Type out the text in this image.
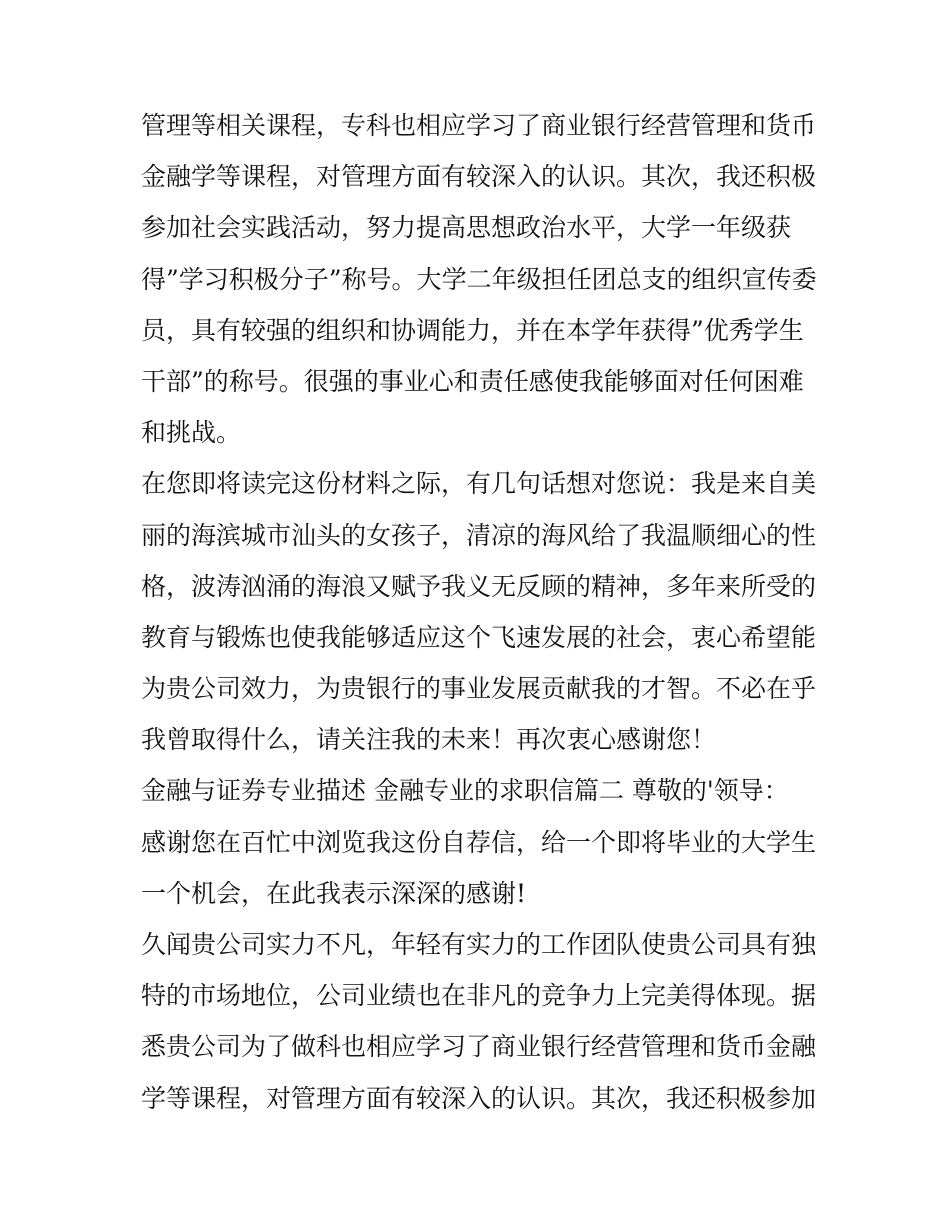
管理等相关课程，专科也相应学习了商业银行经营管理和货币
金融学等课程，对管理方面有较深入的认识。其次，我还积极
参加社会实践活动，努力提高思想政治水平，大学一年级获
得”学习积极分子”称号。大学二年级担任团总支的组织宣传委
员，具有较强的组织和协调能力，并在本学年获得”优秀学生
干部”的称号。很强的事业心和责任感使我能够面对任何困难
和挑战。
在您即将读完这份材料之际，有几句话想对您说：我是来自美
丽的海滨城市汕头的女孩子，清凉的海风给了我温顺细心的性
格，波涛汹涌的海浪又赋予我义无反顾的精神，多年来所受的
教育与锻炼也使我能够适应这个飞速发展的社会，衷心希望能
为贵公司效力，为贵银行的事业发展贡献我的才智。不必在乎
我曾取得什么，请关注我的未来！再次衷心感谢您！
金融与证券专业描述 金融专业的求职信篇二 尊敬的'领导：
感谢您在百忙中浏览我这份自荐信，给一个即将毕业的大学生
一个机会，在此我表示深深的感谢!
久闻贵公司实力不凡，年轻有实力的工作团队使贵公司具有独
特的市场地位，公司业绩也在非凡的竞争力上完美得体现。据
悉贵公司为了做科也相应学习了商业银行经营管理和货币金融
学等课程，对管理方面有较深入的认识。其次，我还积极参加
